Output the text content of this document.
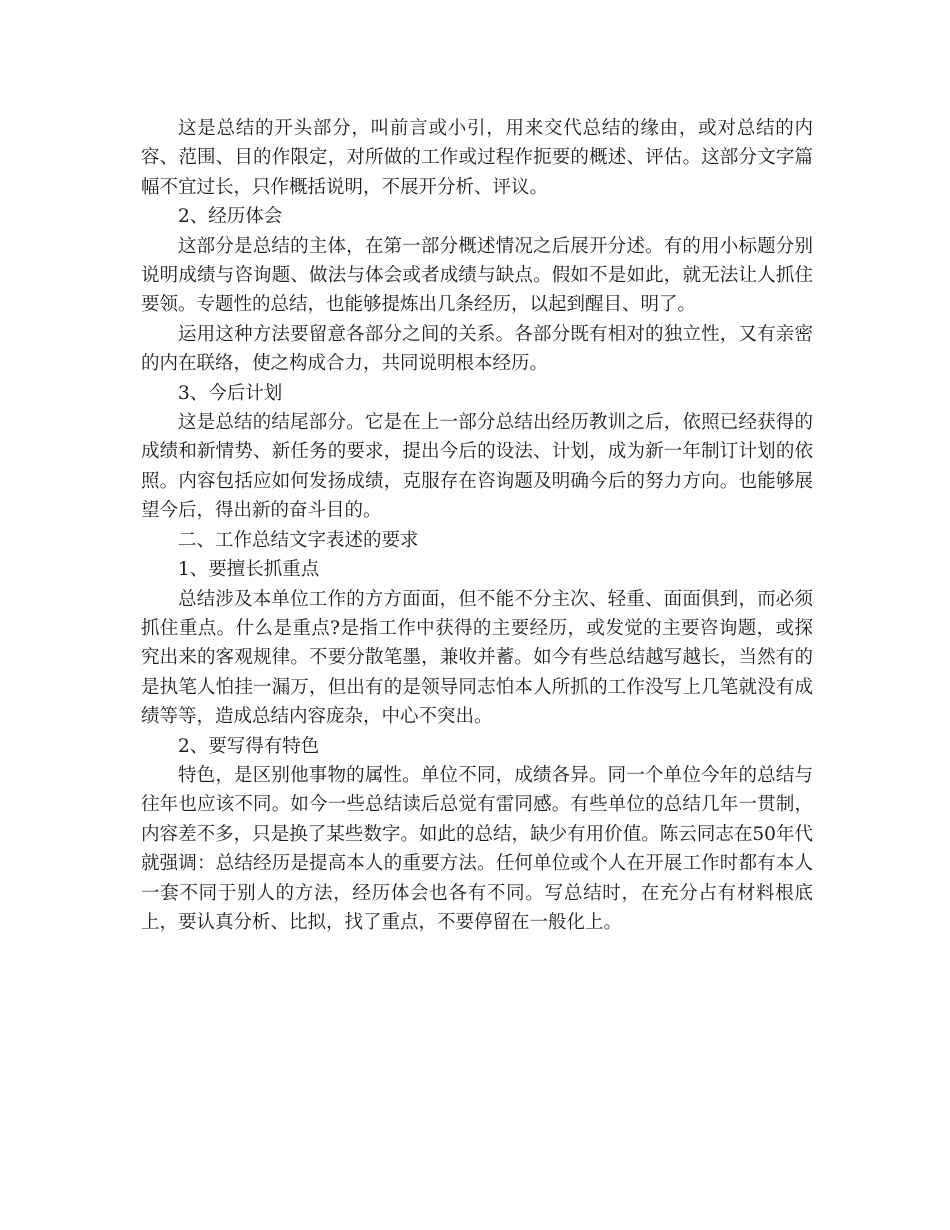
这是总结的开头部分，叫前言或小引，用来交代总结的缘由，或对总结的内容、范围、目的作限定，对所做的工作或过程作扼要的概述、评估。这部分文字篇幅不宜过长，只作概括说明，不展开分析、评议。

2、经历体会

这部分是总结的主体，在第一部分概述情况之后展开分述。有的用小标题分别说明成绩与咨询题、做法与体会或者成绩与缺点。假如不是如此，就无法让人抓住要领。专题性的总结，也能够提炼出几条经历，以起到醒目、明了。

运用这种方法要留意各部分之间的关系。各部分既有相对的独立性，又有亲密的内在联络，使之构成合力，共同说明根本经历。

3、今后计划

这是总结的结尾部分。它是在上一部分总结出经历教训之后，依照已经获得的成绩和新情势、新任务的要求，提出今后的设法、计划，成为新一年制订计划的依照。内容包括应如何发扬成绩，克服存在咨询题及明确今后的努力方向。也能够展望今后，得出新的奋斗目的。

二、工作总结文字表述的要求

1、要擅长抓重点

总结涉及本单位工作的方方面面，但不能不分主次、轻重、面面俱到，而必须抓住重点。什么是重点?是指工作中获得的主要经历，或发觉的主要咨询题，或探究出来的客观规律。不要分散笔墨，兼收并蓄。如今有些总结越写越长，当然有的是执笔人怕挂一漏万，但出有的是领导同志怕本人所抓的工作没写上几笔就没有成绩等等，造成总结内容庞杂，中心不突出。

2、要写得有特色

特色，是区别他事物的属性。单位不同，成绩各异。同一个单位今年的总结与往年也应该不同。如今一些总结读后总觉有雷同感。有些单位的总结几年一贯制，内容差不多，只是换了某些数字。如此的总结，缺少有用价值。陈云同志在50年代就强调：总结经历是提高本人的重要方法。任何单位或个人在开展工作时都有本人一套不同于别人的方法，经历体会也各有不同。写总结时，在充分占有材料根底上，要认真分析、比拟，找了重点，不要停留在一般化上。
